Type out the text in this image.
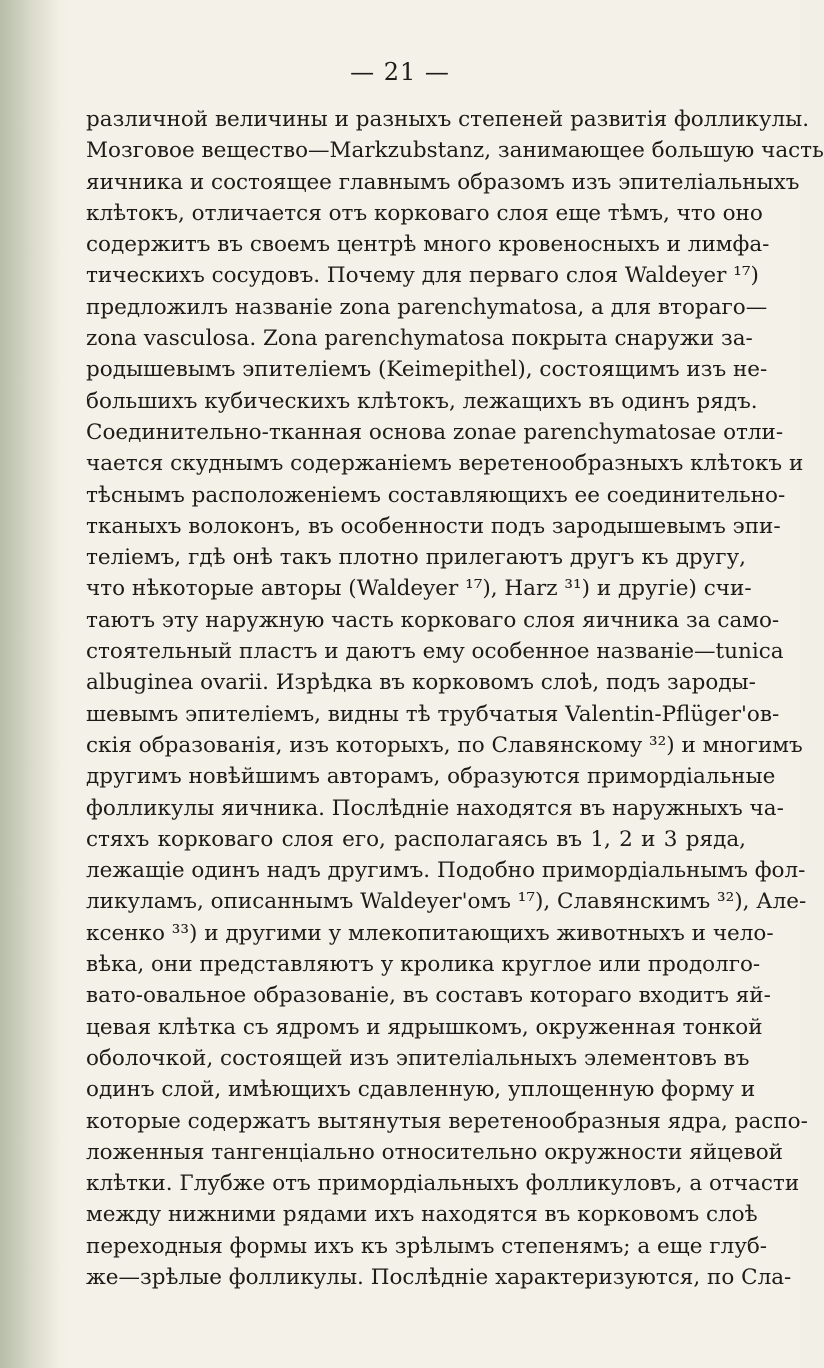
— 21 —
различной величины и разныхъ степеней развитія фолликулы.
Мозговое вещество—Markzubstanz, занимающее большую часть
яичника и состоящее главнымъ образомъ изъ эпителіальныхъ
клѣтокъ, отличается отъ корковаго слоя еще тѣмъ, что оно
содержитъ въ своемъ центрѣ много кровеносныхъ и лимфа-
тическихъ сосудовъ. Почему для перваго слоя Waldeyer ¹⁷)
предложилъ названіе zona parenchymatosa, а для втораго—
zona vasculosa. Zona parenchymatosa покрыта снаружи за-
родышевымъ эпителіемъ (Keimepithel), состоящимъ изъ не-
большихъ кубическихъ клѣтокъ, лежащихъ въ одинъ рядъ.
Соединительно-тканная основа zonae parenchymatosae отли-
чается скуднымъ содержаніемъ веретенообразныхъ клѣтокъ и
тѣснымъ расположеніемъ составляющихъ ее соединительно-
тканыхъ волоконъ, въ особенности подъ зародышевымъ эпи-
теліемъ, гдѣ онѣ такъ плотно прилегаютъ другъ къ другу,
что нѣкоторые авторы (Waldeyer ¹⁷), Harz ³¹) и другіе) счи-
таютъ эту наружную часть корковаго слоя яичника за само-
стоятельный пластъ и даютъ ему особенное названіе—tunica
albuginea ovarii. Изрѣдка въ корковомъ слоѣ, подъ зароды-
шевымъ эпителіемъ, видны тѣ трубчатыя Valentin-Pflüger'ов-
скія образованія, изъ которыхъ, по Славянскому ³²) и многимъ
другимъ новѣйшимъ авторамъ, образуются примордіальные
фолликулы яичника. Послѣдніе находятся въ наружныхъ ча-
стяхъ корковаго слоя его, располагаясь въ 1, 2 и 3 ряда,
лежащіе одинъ надъ другимъ. Подобно примордіальнымъ фол-
ликуламъ, описаннымъ Waldeyer'омъ ¹⁷), Славянскимъ ³²), Але-
ксенко ³³) и другими у млекопитающихъ животныхъ и чело-
вѣка, они представляютъ у кролика круглое или продолго-
вато-овальное образованіе, въ составъ котораго входитъ яй-
цевая клѣтка съ ядромъ и ядрышкомъ, окруженная тонкой
оболочкой, состоящей изъ эпителіальныхъ элементовъ въ
одинъ слой, имѣющихъ сдавленную, уплощенную форму и
которые содержатъ вытянутыя веретенообразныя ядра, распо-
ложенныя тангенціально относительно окружности яйцевой
клѣтки. Глубже отъ примордіальныхъ фолликуловъ, а отчасти
между нижними рядами ихъ находятся въ корковомъ слоѣ
переходныя формы ихъ къ зрѣлымъ степенямъ; а еще глуб-
же—зрѣлые фолликулы. Послѣдніе характеризуются, по Сла-
